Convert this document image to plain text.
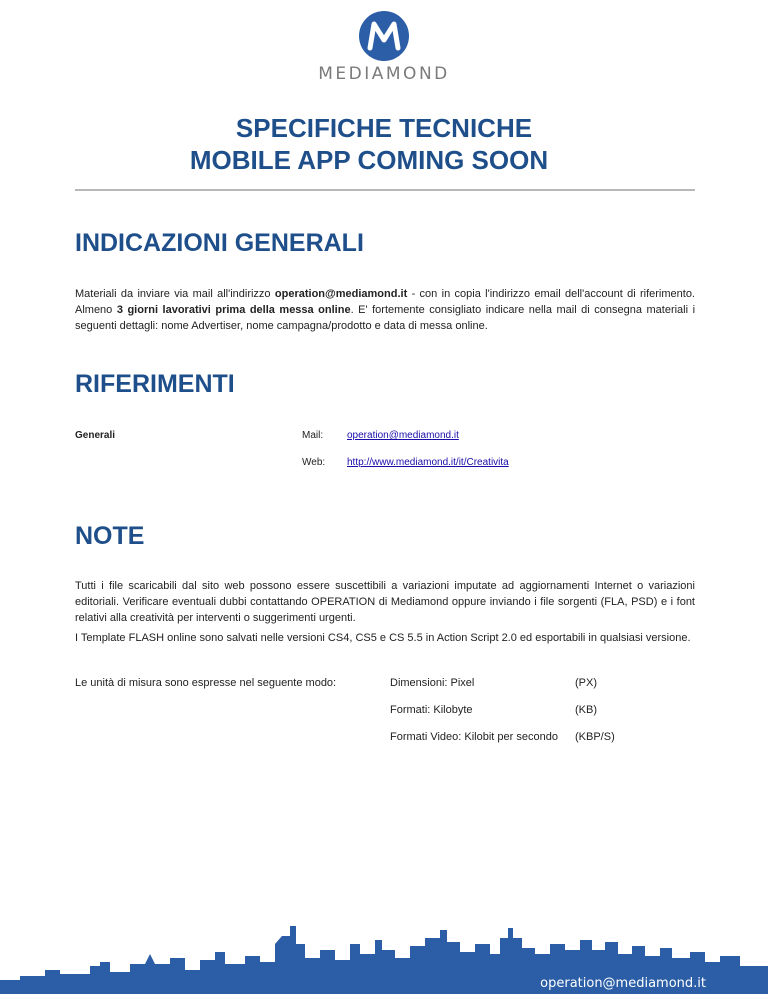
MEDIAMOND
SPECIFICHE TECNICHE

MOBILE APP COMING SOON
INDICAZIONI GENERALI
Materiali da inviare via mail all'indirizzo operation@mediamond.it - con in copia l'indirizzo email dell'account di riferimento. Almeno 3 giorni lavorativi prima della messa online. E' fortemente consigliato indicare nella mail di consegna materiali i seguenti dettagli: nome Advertiser, nome campagna/prodotto e data di messa online.
RIFERIMENTI
Generali	Mail: operation@mediamond.it
Web: http://www.mediamond.it/it/Creativita
NOTE
Tutti i file scaricabili dal sito web possono essere suscettibili a variazioni imputate ad aggiornamenti Internet o variazioni editoriali. Verificare eventuali dubbi contattando OPERATION di Mediamond oppure inviando i file sorgenti (FLA, PSD) e i font relativi alla creatività per interventi o suggerimenti urgenti.
I Template FLASH online sono salvati nelle versioni CS4, CS5 e CS 5.5 in Action Script 2.0 ed esportabili in qualsiasi versione.
Le unità di misura sono espresse nel seguente modo:	Dimensioni: Pixel	(PX)
Formati: Kilobyte	(KB)
Formati Video: Kilobit per secondo (KBP/S)
operation@mediamond.it
